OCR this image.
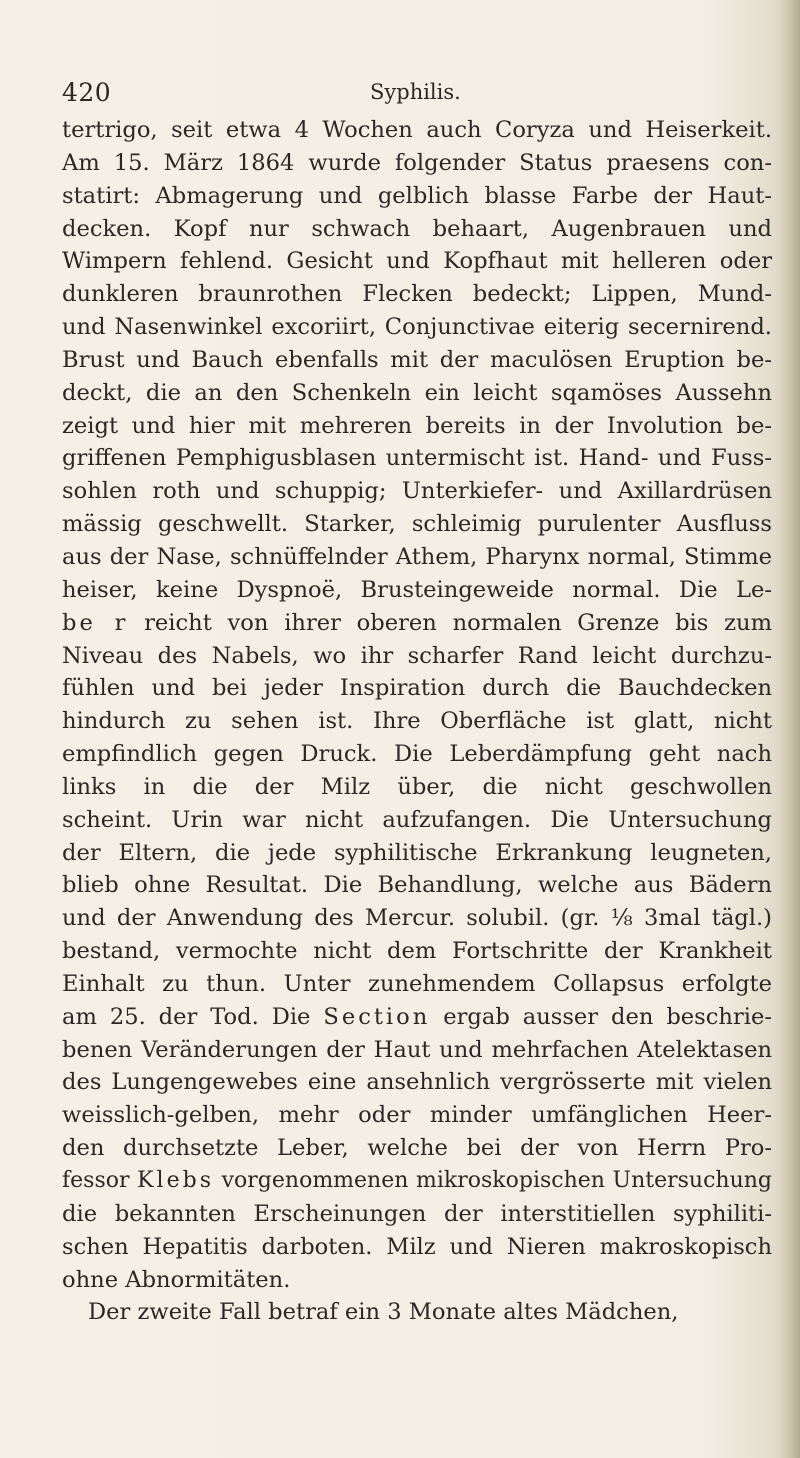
420	Syphilis.
tertrigo, seit etwa 4 Wochen auch Coryza und Heiserkeit.
Am 15. März 1864 wurde folgender Status praesens con-
statirt: Abmagerung und gelblich blasse Farbe der Haut-
decken. Kopf nur schwach behaart, Augenbrauen und
Wimpern fehlend. Gesicht und Kopfhaut mit helleren oder
dunkleren braunrothen Flecken bedeckt; Lippen, Mund-
und Nasenwinkel excoriirt, Conjunctivae eiterig secernirend.
Brust und Bauch ebenfalls mit der maculösen Eruption be-
deckt, die an den Schenkeln ein leicht sqamöses Aussehn
zeigt und hier mit mehreren bereits in der Involution be-
griffenen Pemphigusblasen untermischt ist. Hand- und Fuss-
sohlen roth und schuppig; Unterkiefer- und Axillardrüsen
mässig geschwellt. Starker, schleimig purulenter Ausfluss
aus der Nase, schnüffelnder Athem, Pharynx normal, Stimme
heiser, keine Dyspnoë, Brusteingeweide normal. Die Le-
be r reicht von ihrer oberen normalen Grenze bis zum
Niveau des Nabels, wo ihr scharfer Rand leicht durchzu-
fühlen und bei jeder Inspiration durch die Bauchdecken
hindurch zu sehen ist. Ihre Oberfläche ist glatt, nicht
empfindlich gegen Druck. Die Leberdämpfung geht nach
links in die der Milz über, die nicht geschwollen
scheint. Urin war nicht aufzufangen. Die Untersuchung
der Eltern, die jede syphilitische Erkrankung leugneten,
blieb ohne Resultat. Die Behandlung, welche aus Bädern
und der Anwendung des Mercur. solubil. (gr. ⅛ 3mal tägl.)
bestand, vermochte nicht dem Fortschritte der Krankheit
Einhalt zu thun. Unter zunehmendem Collapsus erfolgte
am 25. der Tod. Die Section ergab ausser den beschrie-
benen Veränderungen der Haut und mehrfachen Atelektasen
des Lungengewebes eine ansehnlich vergrösserte mit vielen
weisslich-gelben, mehr oder minder umfänglichen Heer-
den durchsetzte Leber, welche bei der von Herrn Pro-
fessor Klebs vorgenommenen mikroskopischen Untersuchung
die bekannten Erscheinungen der interstitiellen syphiliti-
schen Hepatitis darboten. Milz und Nieren makroskopisch
ohne Abnormitäten.
Der zweite Fall betraf ein 3 Monate altes Mädchen,
